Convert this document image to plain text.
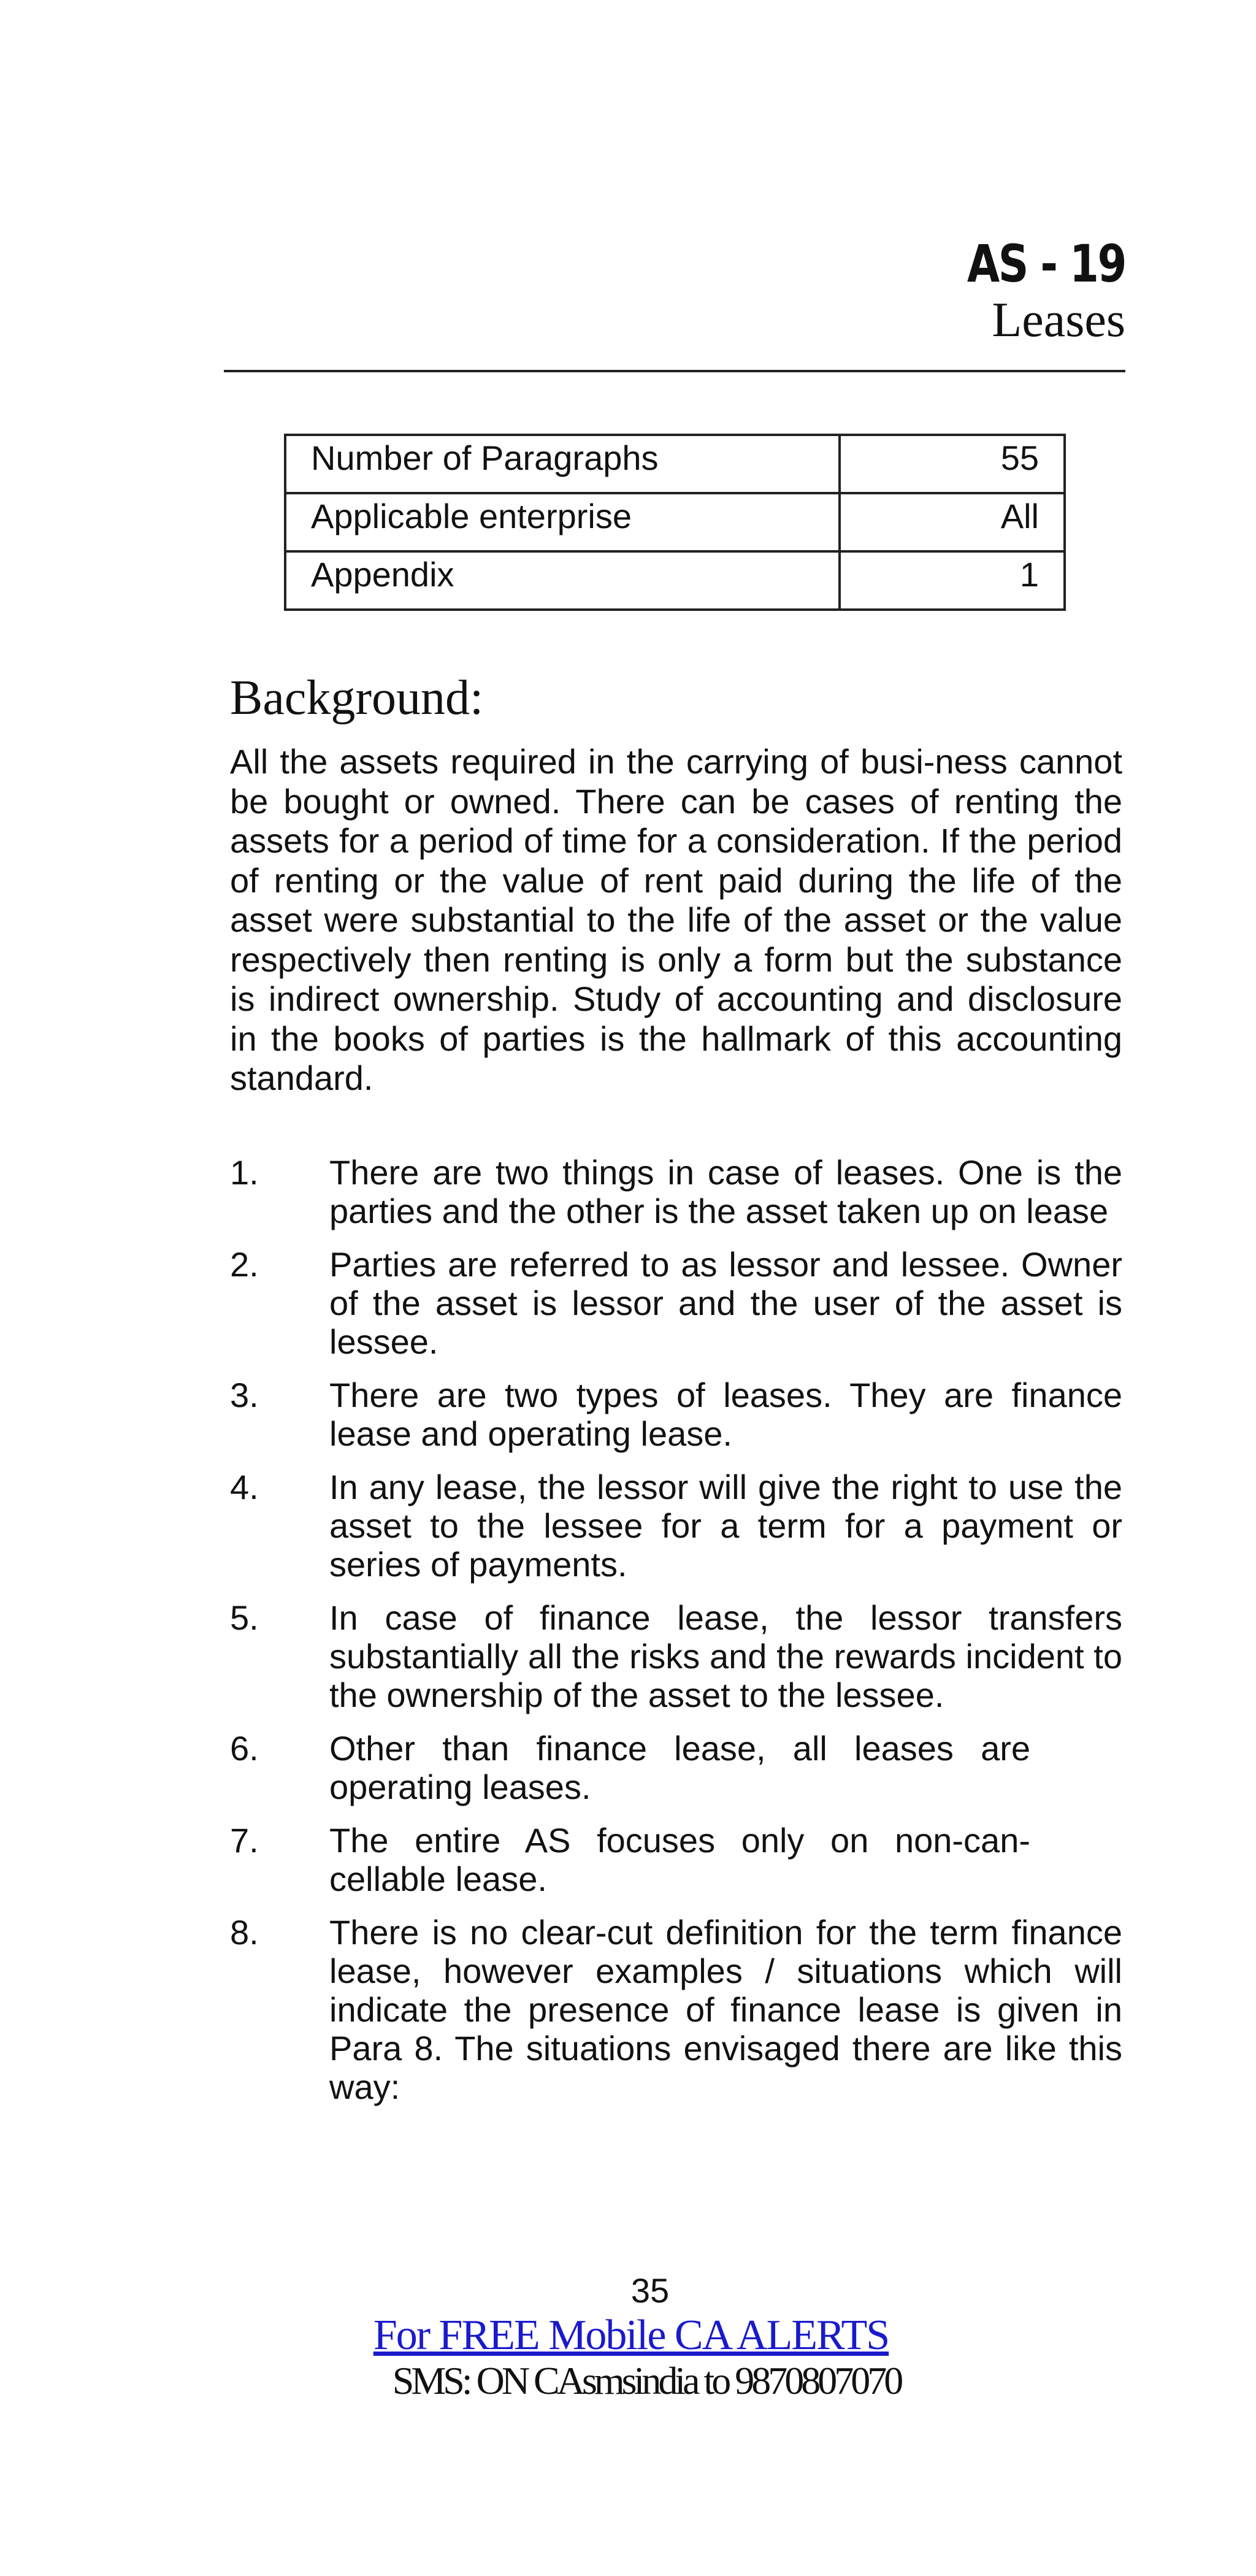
AS - 19
Leases
Number of Paragraphs	55
Applicable enterprise	All
Appendix	1
Background:
All the assets required in the carrying of busi-ness cannot be bought or owned. There can be cases of renting the assets for a period of time for a consideration. If the period of renting or the value of rent paid during the life of the asset were substantial to the life of the asset or the value respectively then renting is only a form but the substance is indirect ownership. Study of accounting and disclosure in the books of parties is the hallmark of this accounting standard.
1. There are two things in case of leases. One is the parties and the other is the asset taken up on lease
2. Parties are referred to as lessor and lessee. Owner of the asset is lessor and the user of the asset is lessee.
3. There are two types of leases. They are finance lease and operating lease.
4. In any lease, the lessor will give the right to use the asset to the lessee for a term for a payment or series of payments.
5. In case of finance lease, the lessor transfers substantially all the risks and the rewards incident to the ownership of the asset to the lessee.
6. Other than finance lease, all leases are operating leases.
7. The entire AS focuses only on non-can-cellable lease.
8. There is no clear-cut definition for the term finance lease, however examples / situations which will indicate the presence of finance lease is given in Para 8. The situations envisaged there are like this way:
35
For FREE Mobile CA ALERTS
SMS: ON CAsmsindia to 9870807070
